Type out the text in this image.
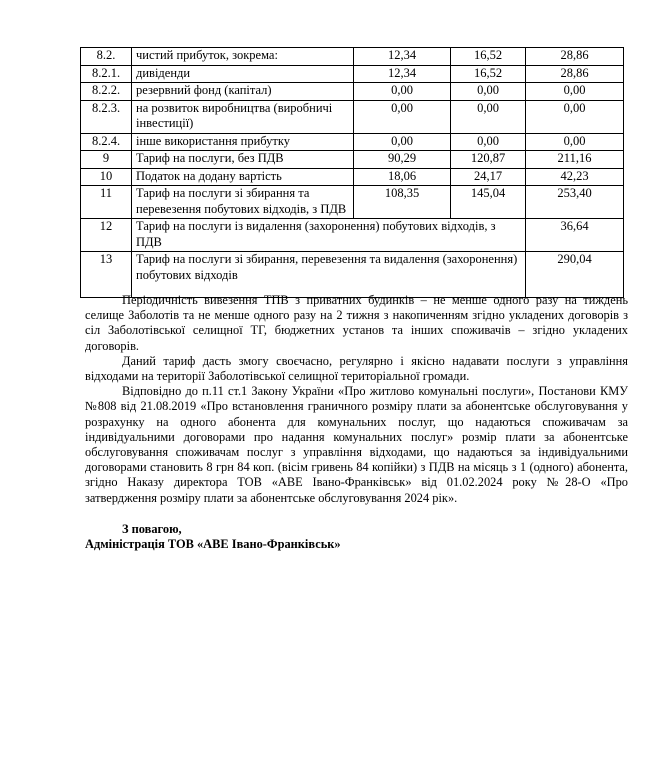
8.2.	чистий прибуток, зокрема:	12,34	16,52	28,86
8.2.1.	дивіденди	12,34	16,52	28,86
8.2.2.	резервний фонд (капітал)	0,00	0,00	0,00
8.2.3.	на розвиток виробництва (виробничі інвестиції)	0,00	0,00	0,00
8.2.4.	інше використання прибутку	0,00	0,00	0,00
9	Тариф на послуги, без ПДВ	90,29	120,87	211,16
10	Податок на додану вартість	18,06	24,17	42,23
11	Тариф на послуги зі збирання та перевезення побутових відходів, з ПДВ	108,35	145,04	253,40
12	Тариф на послуги із видалення (захоронення) побутових відходів, з ПДВ			36,64
13	Тариф на послуги зі збирання, перевезення та видалення (захоронення) побутових відходів			290,04

Періодичність вивезення ТПВ з приватних будинків – не менше одного разу на тиждень селище Заболотів та не менше одного разу на 2 тижня з накопиченням згідно укладених договорів з сіл Заболотівської селищної ТГ, бюджетних установ та інших споживачів – згідно укладених договорів.

Даний тариф дасть змогу своєчасно, регулярно і якісно надавати послуги з управління відходами на території Заболотівської селищної територіальної громади.

Відповідно до п.11 ст.1 Закону України «Про житлово комунальні послуги», Постанови КМУ №808 від 21.08.2019 «Про встановлення граничного розміру плати за абонентське обслуговування у розрахунку на одного абонента для комунальних послуг, що надаються споживачам за індивідуальними договорами про надання комунальних послуг» розмір плати за абонентське обслуговування споживачам послуг з управління відходами, що надаються за індивідуальними договорами становить 8 грн 84 коп. (вісім гривень 84 копійки) з ПДВ на місяць з 1 (одного) абонента, згідно Наказу директора ТОВ «АВЕ Івано-Франківськ» від 01.02.2024 року №28-О «Про затвердження розміру плати за абонентське обслуговування 2024 рік».

З повагою,

Адміністрація ТОВ «АВЕ Івано-Франківськ»
